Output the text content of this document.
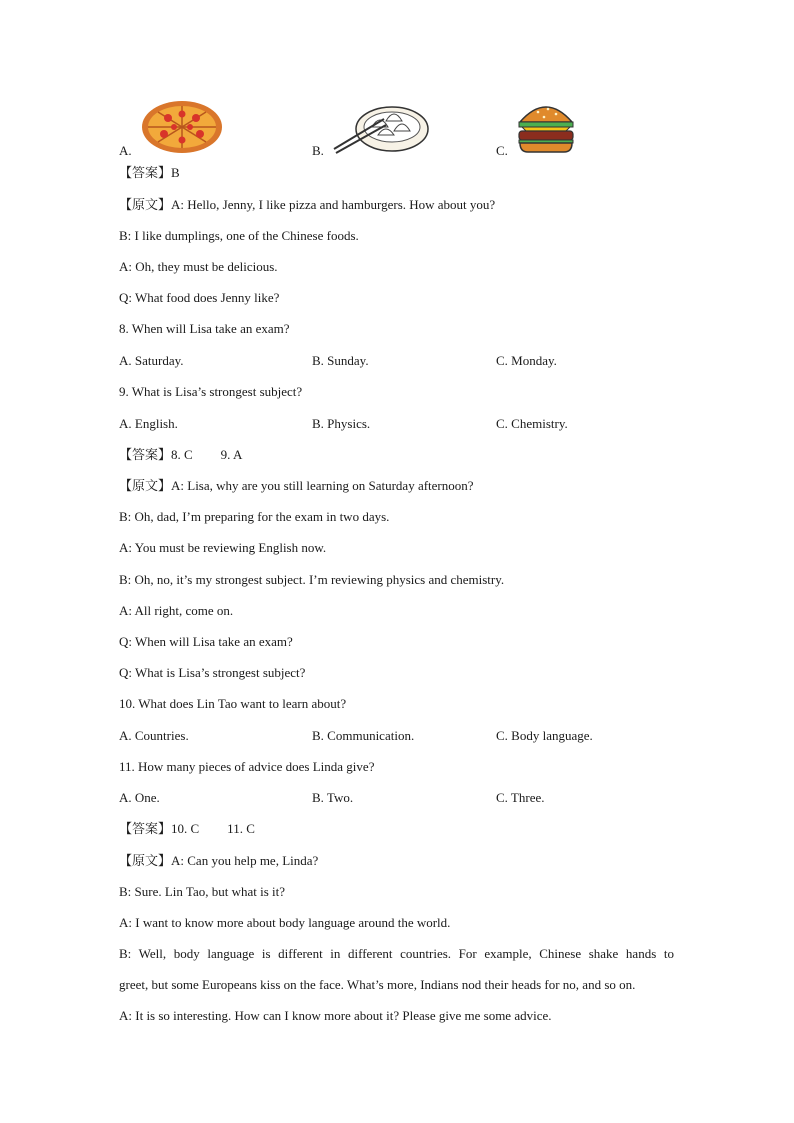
A.	B.	C.
【答案】B
【原文】A: Hello, Jenny, I like pizza and hamburgers. How about you?
B: I like dumplings, one of the Chinese foods.
A: Oh, they must be delicious.
Q: What food does Jenny like?
8. When will Lisa take an exam?
A. Saturday.	B. Sunday.	C. Monday.
9. What is Lisa’s strongest subject?
A. English.	B. Physics.	C. Chemistry.
【答案】8. C 9. A
【原文】A: Lisa, why are you still learning on Saturday afternoon?
B: Oh, dad, I’m preparing for the exam in two days.
A: You must be reviewing English now.
B: Oh, no, it’s my strongest subject. I’m reviewing physics and chemistry.
A: All right, come on.
Q: When will Lisa take an exam?
Q: What is Lisa’s strongest subject?
10. What does Lin Tao want to learn about?
A. Countries.	B. Communication.	C. Body language.
11. How many pieces of advice does Linda give?
A. One.	B. Two.	C. Three.
【答案】10. C 11. C
【原文】A: Can you help me, Linda?
B: Sure. Lin Tao, but what is it?
A: I want to know more about body language around the world.
B: Well, body language is different in different countries. For example, Chinese shake hands to
greet, but some Europeans kiss on the face. What’s more, Indians nod their heads for no, and so on.
A: It is so interesting. How can I know more about it? Please give me some advice.
